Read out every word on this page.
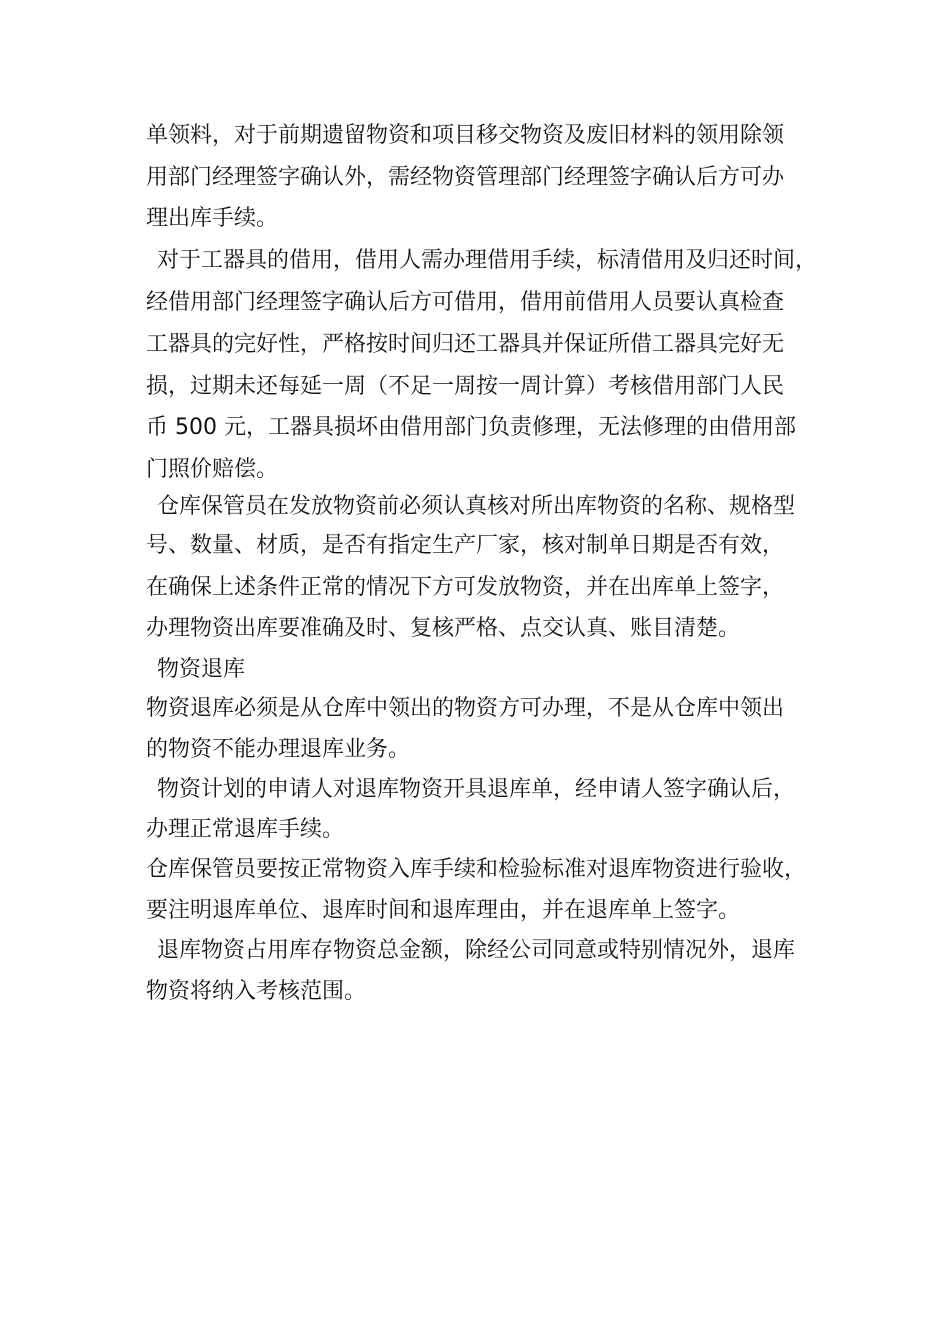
单领料，对于前期遗留物资和项目移交物资及废旧材料的领用除领
用部门经理签字确认外，需经物资管理部门经理签字确认后方可办
理出库手续。
对于工器具的借用，借用人需办理借用手续，标清借用及归还时间，
经借用部门经理签字确认后方可借用，借用前借用人员要认真检查
工器具的完好性，严格按时间归还工器具并保证所借工器具完好无
损，过期未还每延一周（不足一周按一周计算）考核借用部门人民
币 500 元，工器具损坏由借用部门负责修理，无法修理的由借用部
门照价赔偿。
仓库保管员在发放物资前必须认真核对所出库物资的名称、规格型
号、数量、材质，是否有指定生产厂家，核对制单日期是否有效，
在确保上述条件正常的情况下方可发放物资，并在出库单上签字，
办理物资出库要准确及时、复核严格、点交认真、账目清楚。
物资退库
物资退库必须是从仓库中领出的物资方可办理，不是从仓库中领出
的物资不能办理退库业务。
物资计划的申请人对退库物资开具退库单，经申请人签字确认后，
办理正常退库手续。
仓库保管员要按正常物资入库手续和检验标准对退库物资进行验收，
要注明退库单位、退库时间和退库理由，并在退库单上签字。
退库物资占用库存物资总金额，除经公司同意或特别情况外，退库
物资将纳入考核范围。
